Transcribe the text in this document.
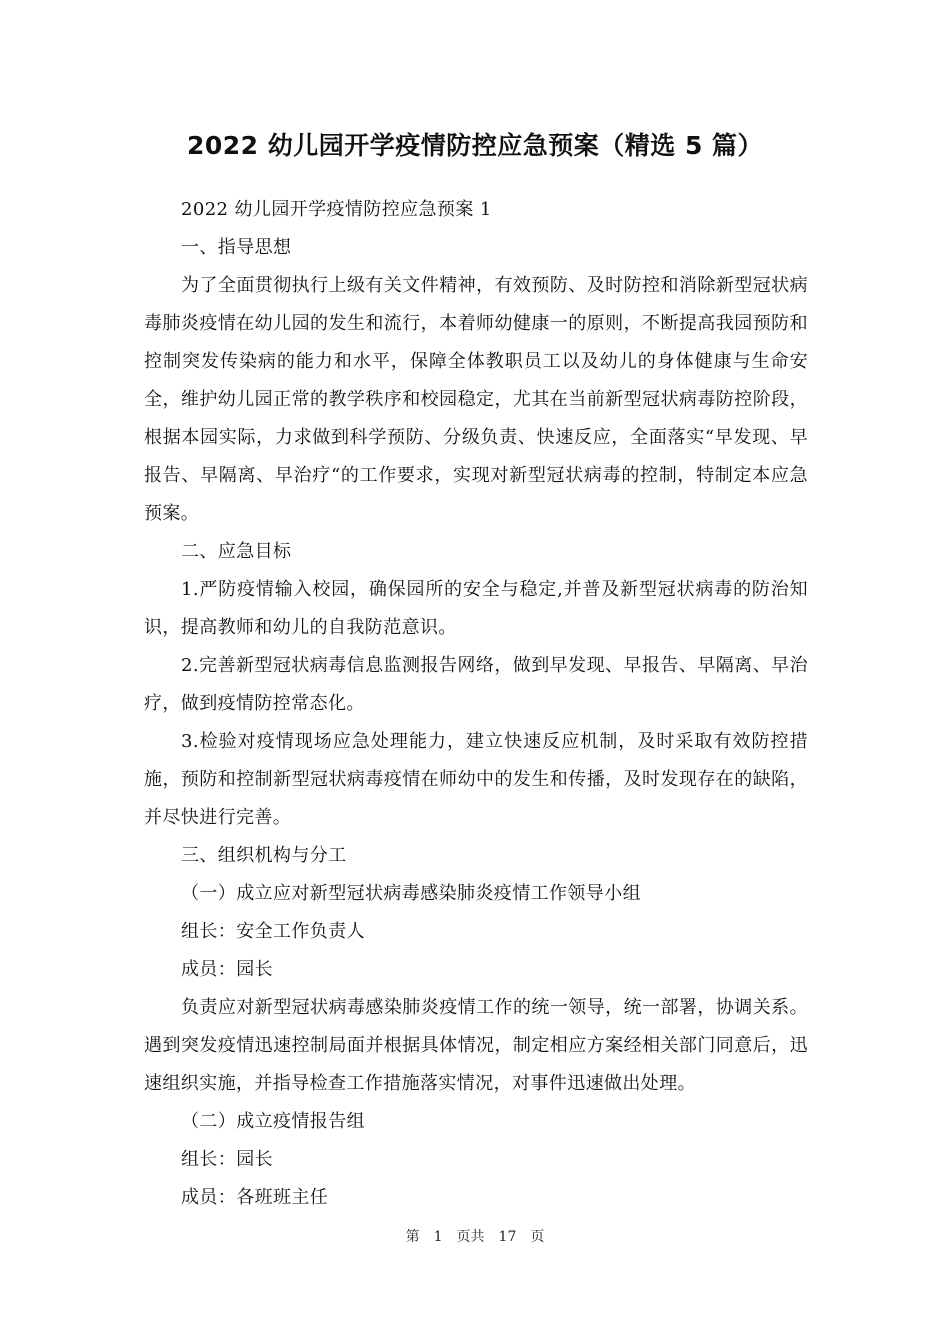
2022 幼儿园开学疫情防控应急预案（精选 5 篇）

2022 幼儿园开学疫情防控应急预案 1

一、指导思想

为了全面贯彻执行上级有关文件精神，有效预防、及时防控和消除新型冠状病毒肺炎疫情在幼儿园的发生和流行，本着师幼健康一的原则，不断提高我园预防和控制突发传染病的能力和水平，保障全体教职员工以及幼儿的身体健康与生命安全，维护幼儿园正常的教学秩序和校园稳定，尤其在当前新型冠状病毒防控阶段，根据本园实际，力求做到科学预防、分级负责、快速反应，全面落实“早发现、早报告、早隔离、早治疗“的工作要求，实现对新型冠状病毒的控制，特制定本应急预案。

二、应急目标

1.严防疫情输入校园，确保园所的安全与稳定,并普及新型冠状病毒的防治知识，提高教师和幼儿的自我防范意识。

2.完善新型冠状病毒信息监测报告网络，做到早发现、早报告、早隔离、早治疗，做到疫情防控常态化。

3.检验对疫情现场应急处理能力，建立快速反应机制，及时采取有效防控措施，预防和控制新型冠状病毒疫情在师幼中的发生和传播，及时发现存在的缺陷，并尽快进行完善。

三、组织机构与分工

（一）成立应对新型冠状病毒感染肺炎疫情工作领导小组

组长：安全工作负责人

成员：园长

负责应对新型冠状病毒感染肺炎疫情工作的统一领导，统一部署，协调关系。遇到突发疫情迅速控制局面并根据具体情况，制定相应方案经相关部门同意后，迅速组织实施，并指导检查工作措施落实情况，对事件迅速做出处理。

（二）成立疫情报告组

组长：园长

成员：各班班主任

第 1 页共 17 页
